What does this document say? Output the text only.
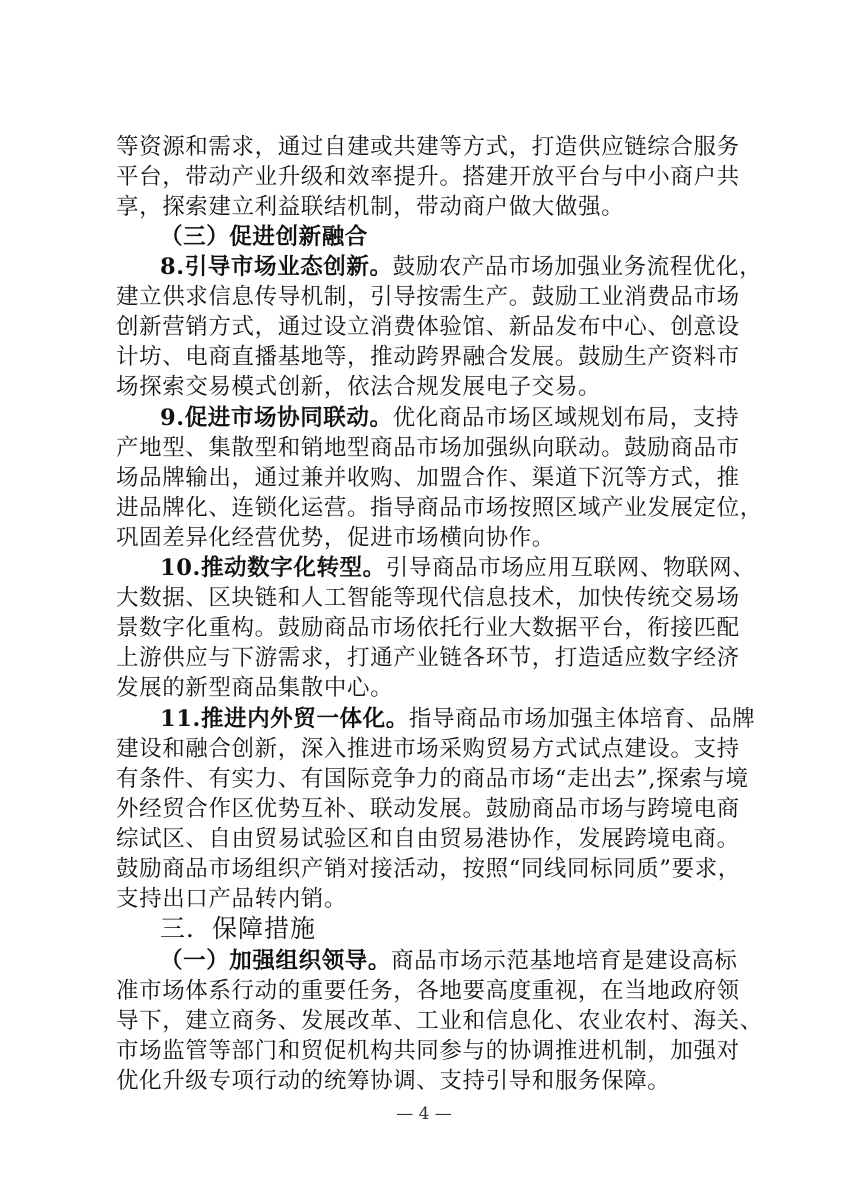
等资源和需求，通过自建或共建等方式，打造供应链综合服务
平台，带动产业升级和效率提升。搭建开放平台与中小商户共
享，探索建立利益联结机制，带动商户做大做强。
（三）促进创新融合
8.引导市场业态创新。鼓励农产品市场加强业务流程优化，
建立供求信息传导机制，引导按需生产。鼓励工业消费品市场
创新营销方式，通过设立消费体验馆、新品发布中心、创意设
计坊、电商直播基地等，推动跨界融合发展。鼓励生产资料市
场探索交易模式创新，依法合规发展电子交易。
9.促进市场协同联动。优化商品市场区域规划布局，支持
产地型、集散型和销地型商品市场加强纵向联动。鼓励商品市
场品牌输出，通过兼并收购、加盟合作、渠道下沉等方式，推
进品牌化、连锁化运营。指导商品市场按照区域产业发展定位，
巩固差异化经营优势，促进市场横向协作。
10.推动数字化转型。引导商品市场应用互联网、物联网、
大数据、区块链和人工智能等现代信息技术，加快传统交易场
景数字化重构。鼓励商品市场依托行业大数据平台，衔接匹配
上游供应与下游需求，打通产业链各环节，打造适应数字经济
发展的新型商品集散中心。
11.推进内外贸一体化。指导商品市场加强主体培育、品牌
建设和融合创新，深入推进市场采购贸易方式试点建设。支持
有条件、有实力、有国际竞争力的商品市场“走出去”,探索与境
外经贸合作区优势互补、联动发展。鼓励商品市场与跨境电商
综试区、自由贸易试验区和自由贸易港协作，发展跨境电商。
鼓励商品市场组织产销对接活动，按照“同线同标同质”要求，
支持出口产品转内销。
三．保障措施
（一）加强组织领导。商品市场示范基地培育是建设高标
准市场体系行动的重要任务，各地要高度重视，在当地政府领
导下，建立商务、发展改革、工业和信息化、农业农村、海关、
市场监管等部门和贸促机构共同参与的协调推进机制，加强对
优化升级专项行动的统筹协调、支持引导和服务保障。
— 4 —
